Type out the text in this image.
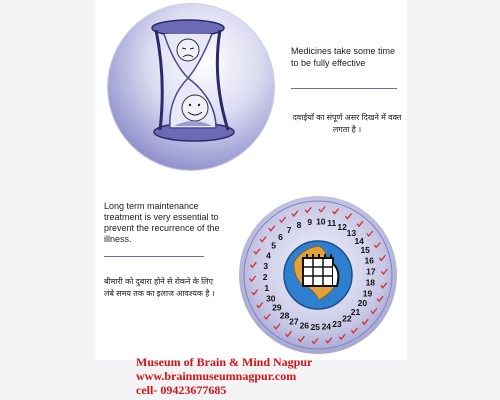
Medicines take some time to be fully effective
दवाईयाँ का संपूर्ण असर दिखने में वक्त लगता है ।
Long term maintenance treatment is very essential to prevent the recurrence of the illness.
बीमारी को दुबारा होने से रोकने के लिए लंबे समय तक का इलाज आवश्यक है ।
1
2
3
4
5
6
7
8 9 10 11 12
13
14
15
16
17
18
19
20
21
22
23
24
25
26
27
28
29
30
Museum of Brain & Mind Nagpur
www.brainmuseumnagpur.com
cell- 09423677685
